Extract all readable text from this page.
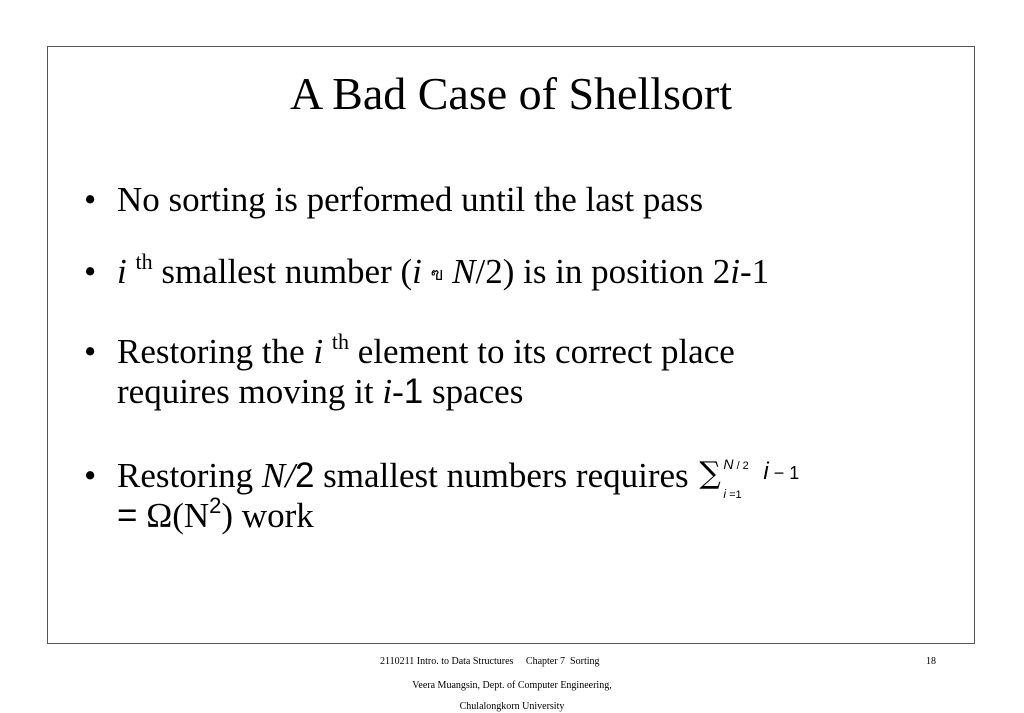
A Bad Case of Shellsort
• No sorting is performed until the last pass
• i $^{th}$ smallest number (i ฃ N/2) is in position 2i-1
• Restoring the i $^{th}$ element to its correct place
requires moving it i-1 spaces
• Restoring N/2 smallest numbers requires ∑ N / 2
i =1
i − 1
= $\Omega(N^2)$ work
2110211 Intro. to Data Structures     Chapter 7  Sorting	18
Veera Muangsin, Dept. of Computer Engineering,
Chulalongkorn University
